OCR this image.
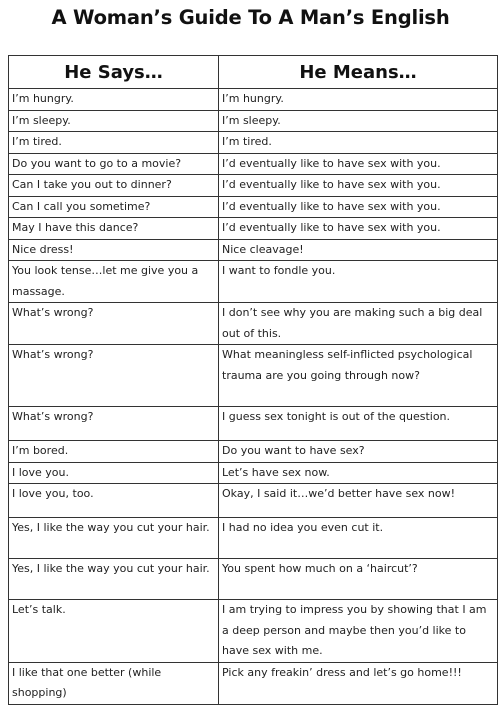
A Woman’s Guide To A Man’s English
He Says…	He Means…
I’m hungry.	I’m hungry.
I’m sleepy.	I’m sleepy.
I’m tired.	I’m tired.
Do you want to go to a movie?	I’d eventually like to have sex with you.
Can I take you out to dinner?	I’d eventually like to have sex with you.
Can I call you sometime?	I’d eventually like to have sex with you.
May I have this dance?	I’d eventually like to have sex with you.
Nice dress!	Nice cleavage!
You look tense…let me give you a massage.	I want to fondle you.
What’s wrong?	I don’t see why you are making such a big deal out of this.
What’s wrong?	What meaningless self-inflicted psychological trauma are you going through now?
What’s wrong?	I guess sex tonight is out of the question.
I’m bored.	Do you want to have sex?
I love you.	Let’s have sex now.
I love you, too.	Okay, I said it…we’d better have sex now!
Yes, I like the way you cut your hair.	I had no idea you even cut it.
Yes, I like the way you cut your hair.	You spent how much on a ‘haircut’?
Let’s talk.	I am trying to impress you by showing that I am a deep person and maybe then you’d like to have sex with me.
I like that one better (while shopping)	Pick any freakin’ dress and let’s go home!!!
